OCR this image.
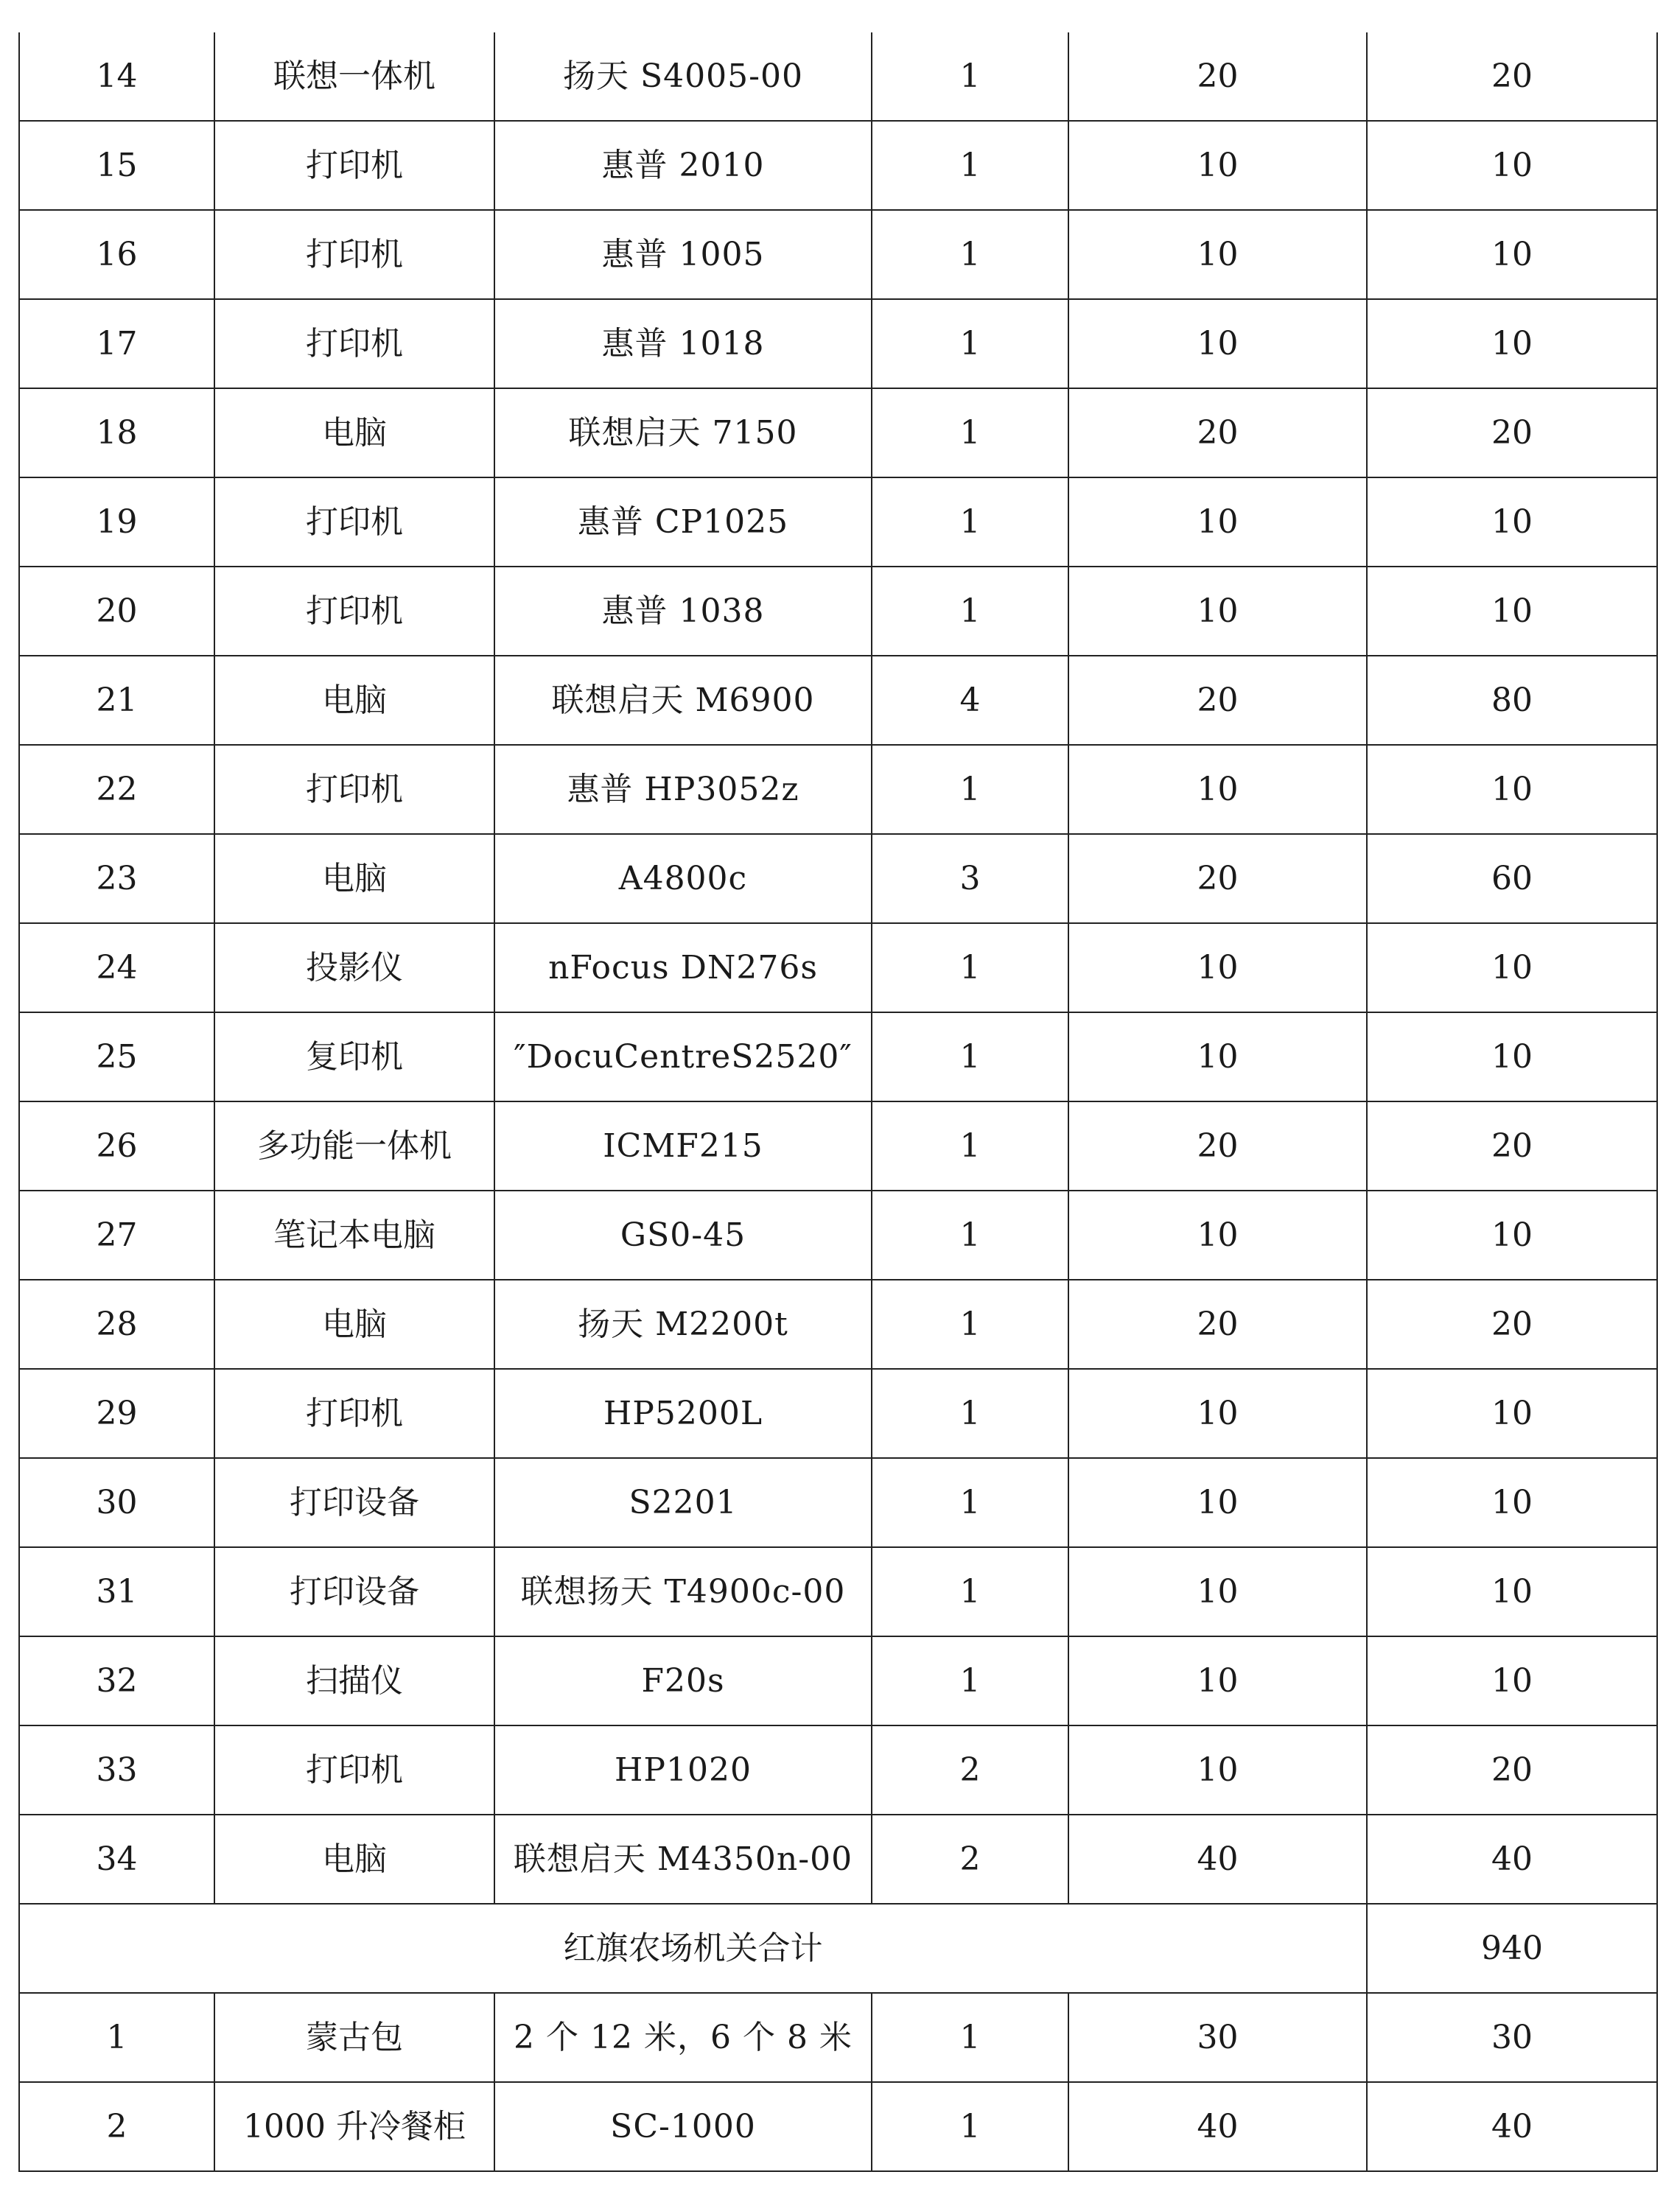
14	联想一体机	扬天 S4005-00	1	20	20
15	打印机	惠普 2010	1	10	10
16	打印机	惠普 1005	1	10	10
17	打印机	惠普 1018	1	10	10
18	电脑	联想启天 7150	1	20	20
19	打印机	惠普 CP1025	1	10	10
20	打印机	惠普 1038	1	10	10
21	电脑	联想启天 M6900	4	20	80
22	打印机	惠普 HP3052z	1	10	10
23	电脑	A4800c	3	20	60
24	投影仪	nFocus DN276s	1	10	10
25	复印机	″DocuCentreS2520″	1	10	10
26	多功能一体机	ICMF215	1	20	20
27	笔记本电脑	GS0-45	1	10	10
28	电脑	扬天 M2200t	1	20	20
29	打印机	HP5200L	1	10	10
30	打印设备	S2201	1	10	10
31	打印设备	联想扬天 T4900c-00	1	10	10
32	扫描仪	F20s	1	10	10
33	打印机	HP1020	2	10	20
34	电脑	联想启天 M4350n-00	2	40	40
红旗农场机关合计					940
1	蒙古包	2 个 12 米，6 个 8 米	1	30	30
2	1000 升冷餐柜	SC-1000	1	40	40
